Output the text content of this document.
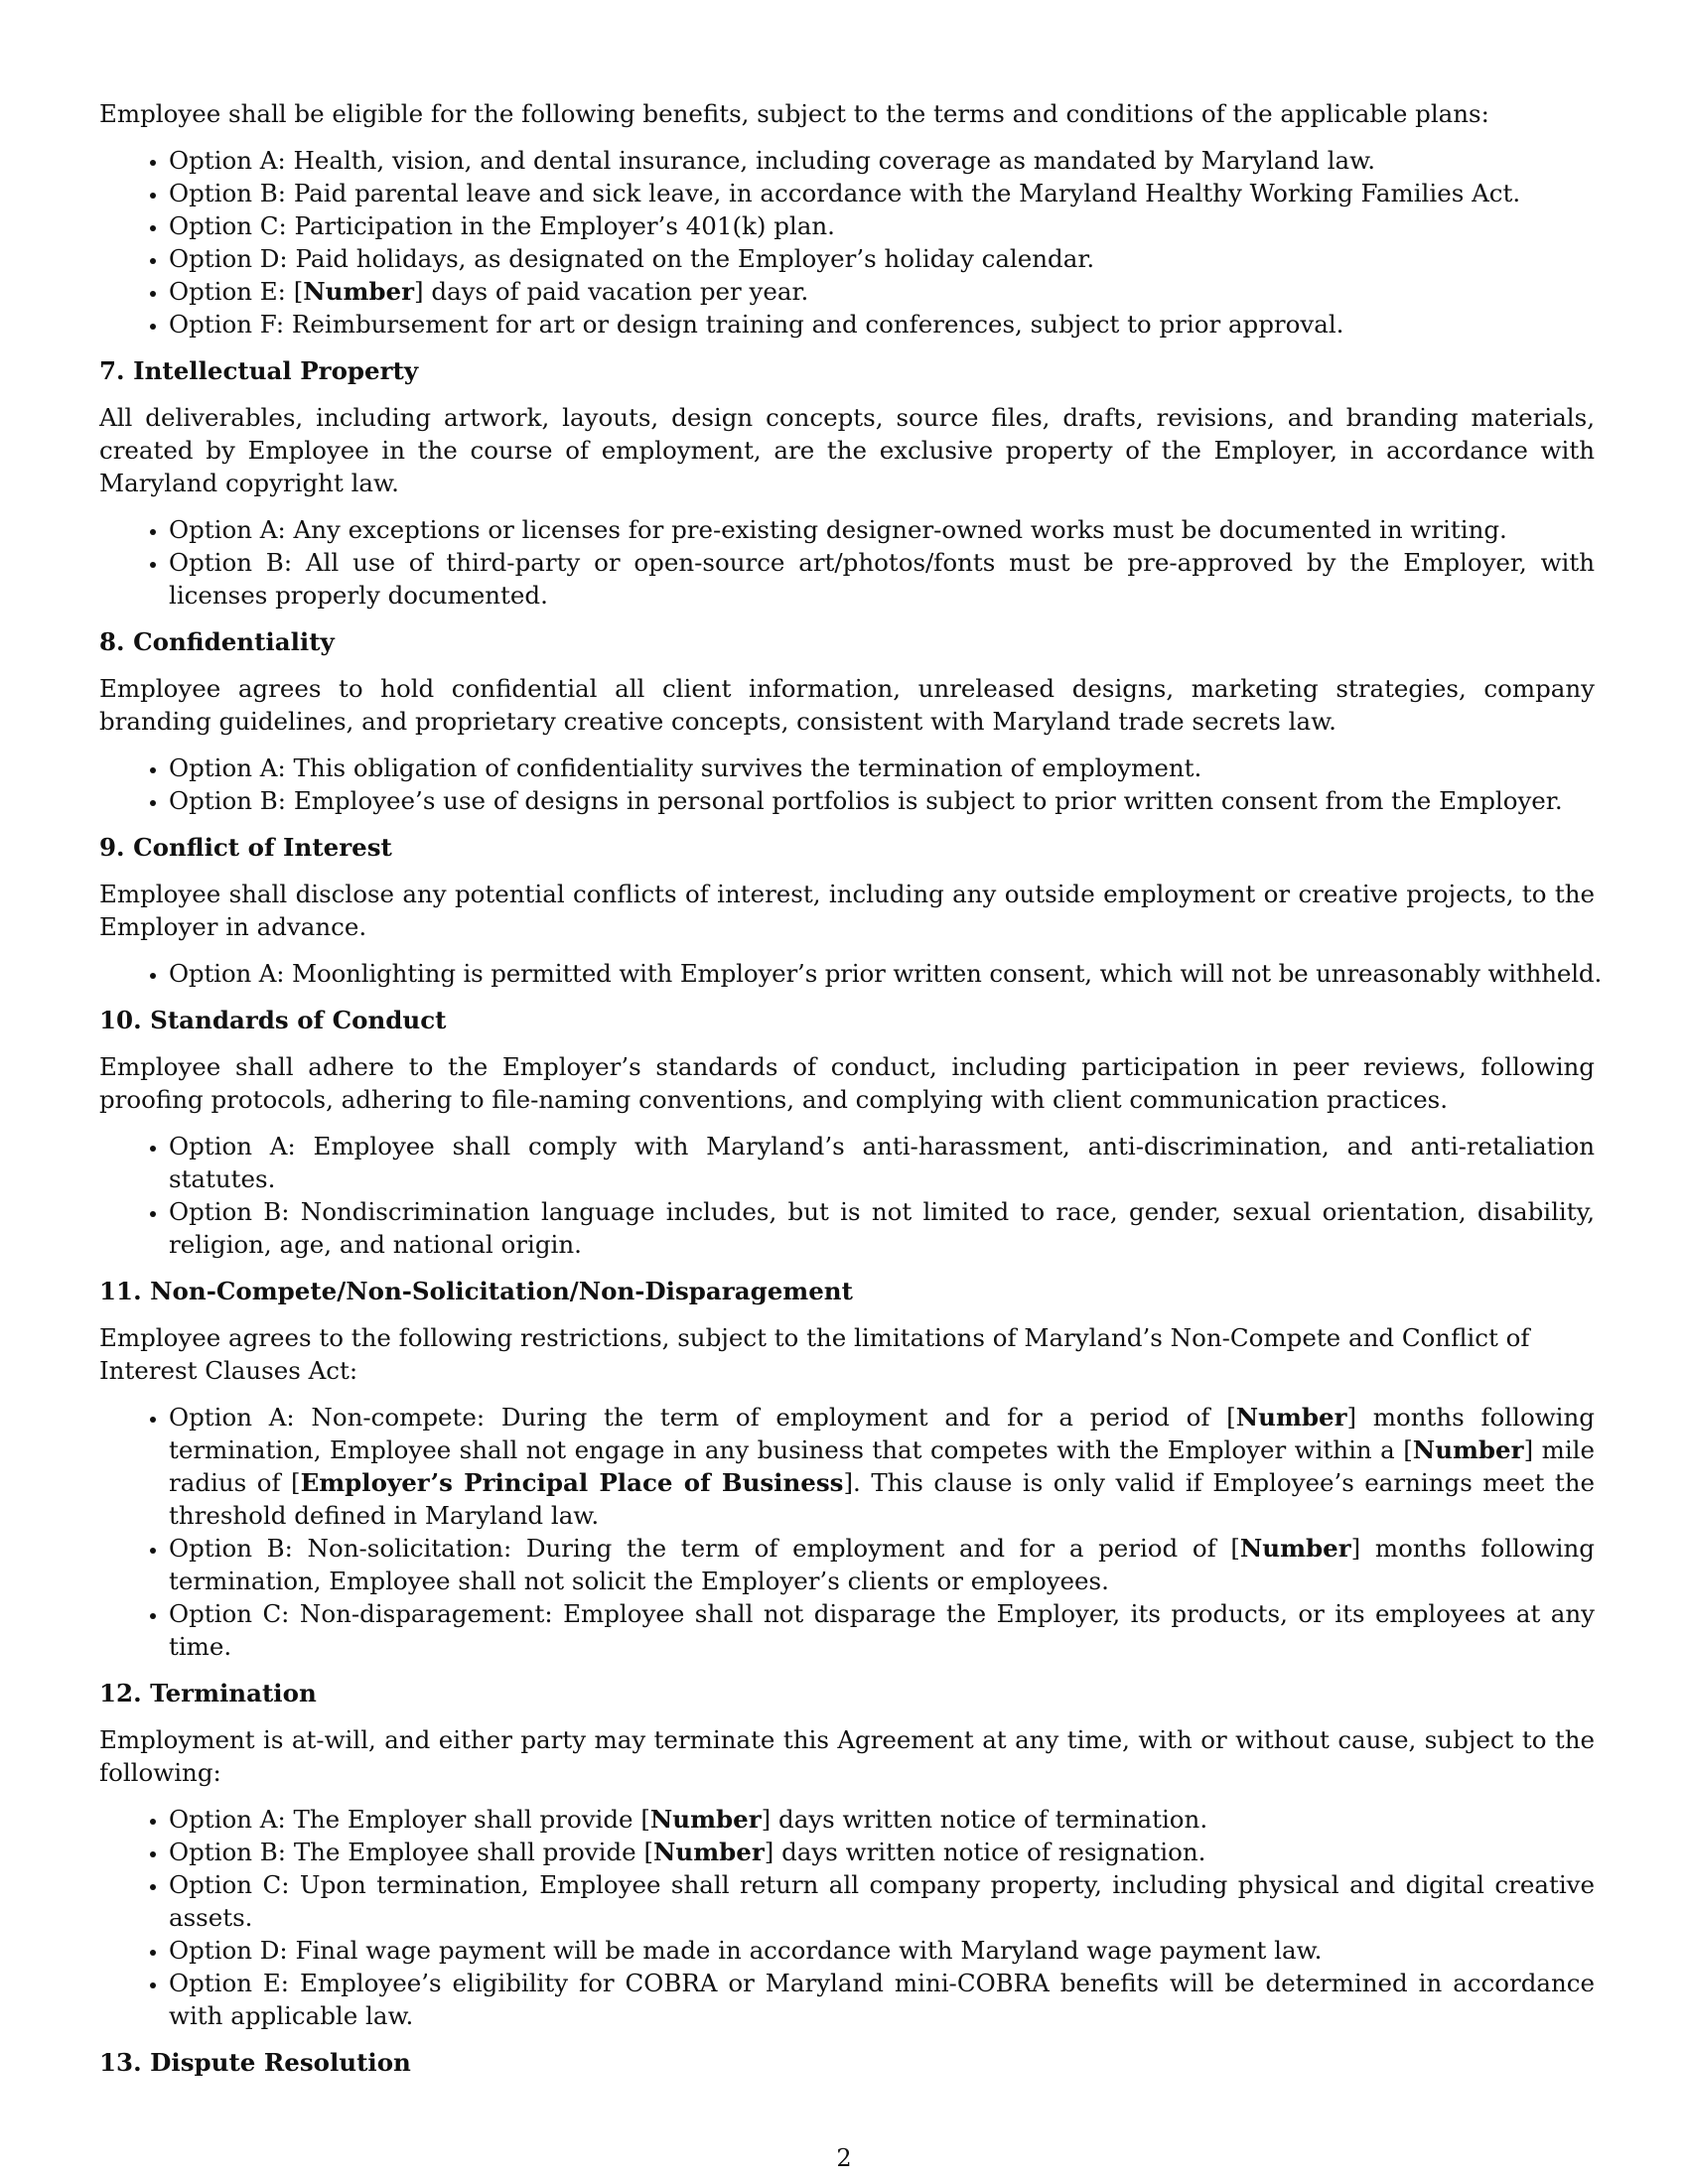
Employee shall be eligible for the following benefits, subject to the terms and conditions of the applicable plans:

• Option A: Health, vision, and dental insurance, including coverage as mandated by Maryland law.
• Option B: Paid parental leave and sick leave, in accordance with the Maryland Healthy Working Families Act.
• Option C: Participation in the Employer’s 401(k) plan.
• Option D: Paid holidays, as designated on the Employer’s holiday calendar.
• Option E: [Number] days of paid vacation per year.
• Option F: Reimbursement for art or design training and conferences, subject to prior approval.
7. Intellectual Property

All deliverables, including artwork, layouts, design concepts, source files, drafts, revisions, and branding materials, created by Employee in the course of employment, are the exclusive property of the Employer, in accordance with Maryland copyright law.

• Option A: Any exceptions or licenses for pre-existing designer-owned works must be documented in writing.
• Option B: All use of third-party or open-source art/photos/fonts must be pre-approved by the Employer, with licenses properly documented.
8. Confidentiality

Employee agrees to hold confidential all client information, unreleased designs, marketing strategies, company branding guidelines, and proprietary creative concepts, consistent with Maryland trade secrets law.

• Option A: This obligation of confidentiality survives the termination of employment.
• Option B: Employee’s use of designs in personal portfolios is subject to prior written consent from the Employer.
9. Conflict of Interest

Employee shall disclose any potential conflicts of interest, including any outside employment or creative projects, to the Employer in advance.

• Option A: Moonlighting is permitted with Employer’s prior written consent, which will not be unreasonably withheld.
10. Standards of Conduct

Employee shall adhere to the Employer’s standards of conduct, including participation in peer reviews, following proofing protocols, adhering to file-naming conventions, and complying with client communication practices.

• Option A: Employee shall comply with Maryland’s anti-harassment, anti-discrimination, and anti-retaliation statutes.
• Option B: Nondiscrimination language includes, but is not limited to race, gender, sexual orientation, disability, religion, age, and national origin.
11. Non-Compete/Non-Solicitation/Non-Disparagement

Employee agrees to the following restrictions, subject to the limitations of Maryland’s Non-Compete and Conflict of Interest Clauses Act:

• Option A: Non-compete: During the term of employment and for a period of [Number] months following termination, Employee shall not engage in any business that competes with the Employer within a [Number] mile radius of [Employer’s Principal Place of Business]. This clause is only valid if Employee’s earnings meet the threshold defined in Maryland law.
• Option B: Non-solicitation: During the term of employment and for a period of [Number] months following termination, Employee shall not solicit the Employer’s clients or employees.
• Option C: Non-disparagement: Employee shall not disparage the Employer, its products, or its employees at any time.
12. Termination

Employment is at-will, and either party may terminate this Agreement at any time, with or without cause, subject to the following:

• Option A: The Employer shall provide [Number] days written notice of termination.
• Option B: The Employee shall provide [Number] days written notice of resignation.
• Option C: Upon termination, Employee shall return all company property, including physical and digital creative assets.
• Option D: Final wage payment will be made in accordance with Maryland wage payment law.
• Option E: Employee’s eligibility for COBRA or Maryland mini-COBRA benefits will be determined in accordance with applicable law.
13. Dispute Resolution
2
